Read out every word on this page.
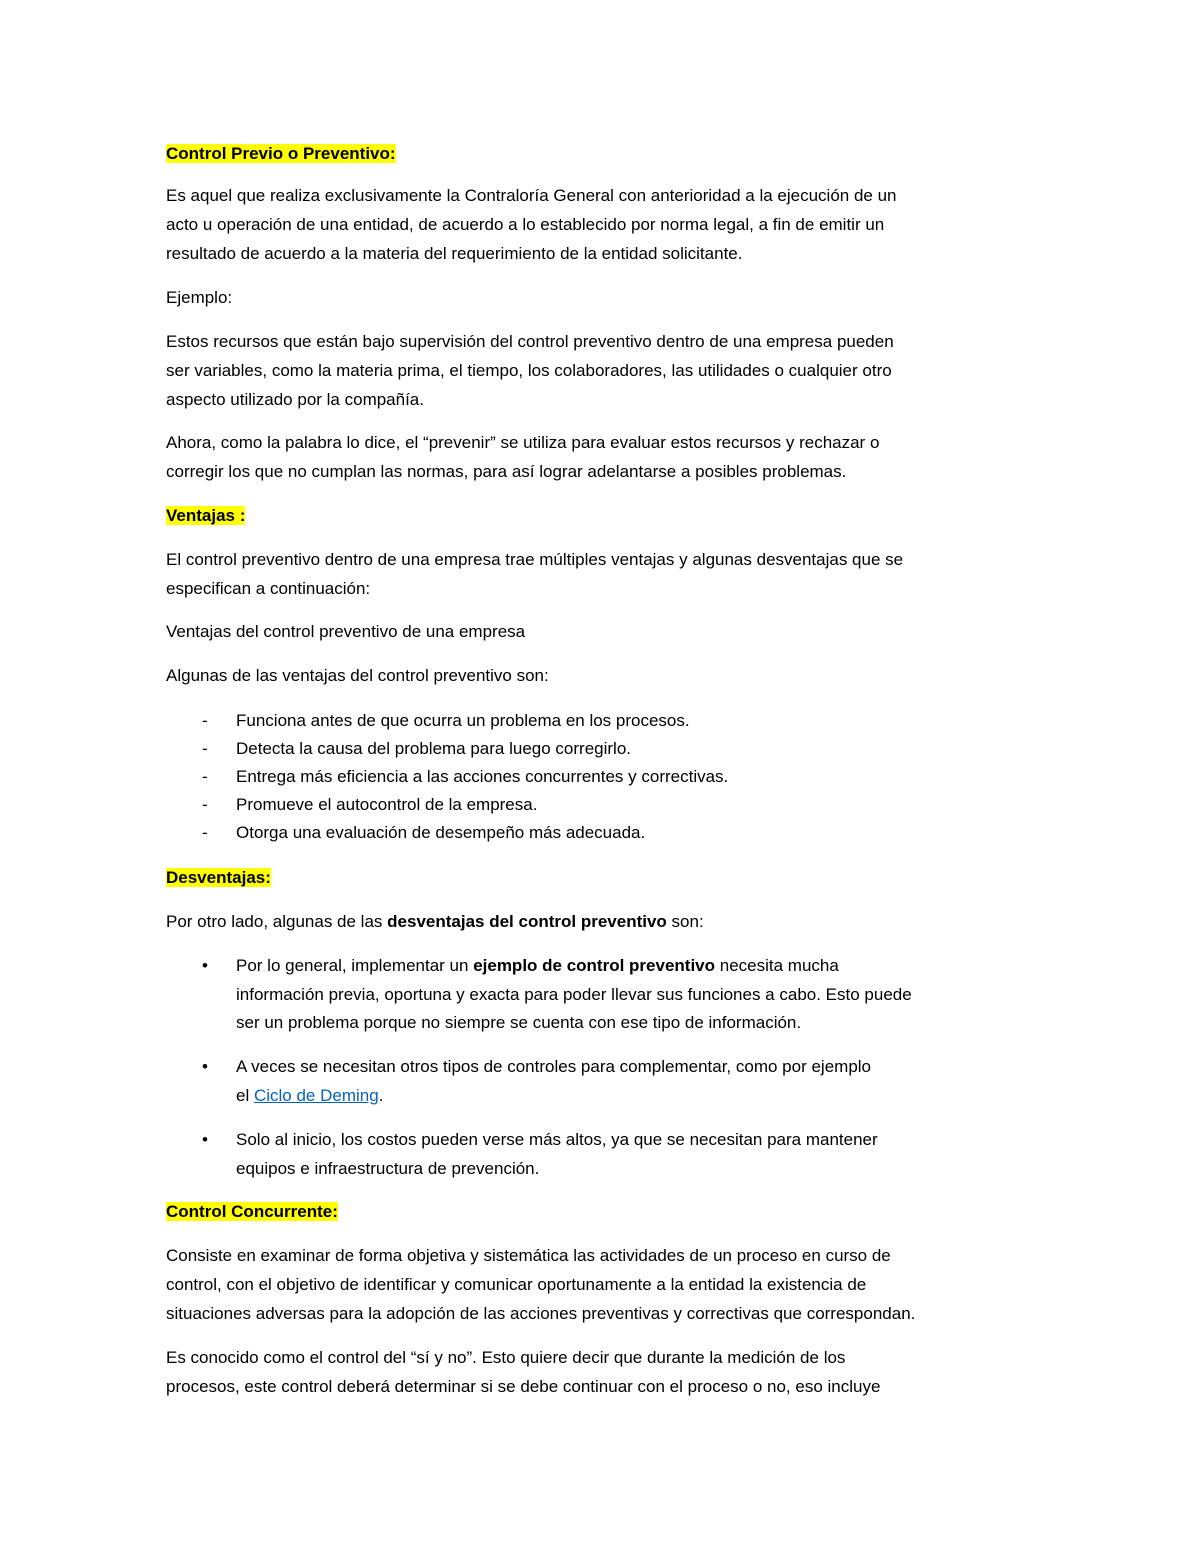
Control Previo o Preventivo:
Es aquel que realiza exclusivamente la Contraloría General con anterioridad a la ejecución de un
acto u operación de una entidad, de acuerdo a lo establecido por norma legal, a fin de emitir un
resultado de acuerdo a la materia del requerimiento de la entidad solicitante.
Ejemplo:
Estos recursos que están bajo supervisión del control preventivo dentro de una empresa pueden
ser variables, como la materia prima, el tiempo, los colaboradores, las utilidades o cualquier otro
aspecto utilizado por la compañía.
Ahora, como la palabra lo dice, el “prevenir” se utiliza para evaluar estos recursos y rechazar o
corregir los que no cumplan las normas, para así lograr adelantarse a posibles problemas.
Ventajas :
El control preventivo dentro de una empresa trae múltiples ventajas y algunas desventajas que se
especifican a continuación:
Ventajas del control preventivo de una empresa
Algunas de las ventajas del control preventivo son:
- Funciona antes de que ocurra un problema en los procesos.
- Detecta la causa del problema para luego corregirlo.
- Entrega más eficiencia a las acciones concurrentes y correctivas.
- Promueve el autocontrol de la empresa.
- Otorga una evaluación de desempeño más adecuada.
Desventajas:
Por otro lado, algunas de las desventajas del control preventivo son:
• Por lo general, implementar un ejemplo de control preventivo necesita mucha
información previa, oportuna y exacta para poder llevar sus funciones a cabo. Esto puede
ser un problema porque no siempre se cuenta con ese tipo de información.
• A veces se necesitan otros tipos de controles para complementar, como por ejemplo
el Ciclo de Deming.
• Solo al inicio, los costos pueden verse más altos, ya que se necesitan para mantener
equipos e infraestructura de prevención.
Control Concurrente:
Consiste en examinar de forma objetiva y sistemática las actividades de un proceso en curso de
control, con el objetivo de identificar y comunicar oportunamente a la entidad la existencia de
situaciones adversas para la adopción de las acciones preventivas y correctivas que correspondan.
Es conocido como el control del “sí y no”. Esto quiere decir que durante la medición de los
procesos, este control deberá determinar si se debe continuar con el proceso o no, eso incluye
